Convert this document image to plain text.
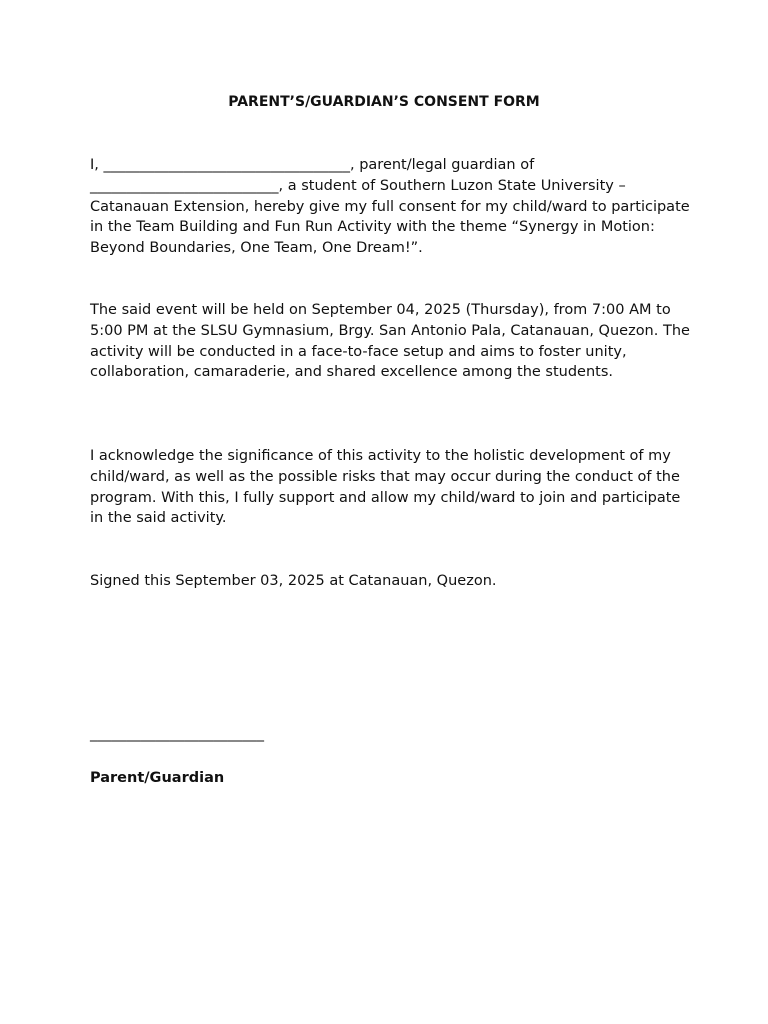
PARENT’S/GUARDIAN’S CONSENT FORM

I, __________________________________, parent/legal guardian of
__________________________, a student of Southern Luzon State University – Catanauan Extension, hereby give my full consent for my child/ward to participate in the Team Building and Fun Run Activity with the theme “Synergy in Motion: Beyond Boundaries, One Team, One Dream!”.

The said event will be held on September 04, 2025 (Thursday), from 7:00 AM to 5:00 PM at the SLSU Gymnasium, Brgy. San Antonio Pala, Catanauan, Quezon. The activity will be conducted in a face-to-face setup and aims to foster unity, collaboration, camaraderie, and shared excellence among the students.

I acknowledge the significance of this activity to the holistic development of my child/ward, as well as the possible risks that may occur during the conduct of the program. With this, I fully support and allow my child/ward to join and participate in the said activity.

Signed this September 03, 2025 at Catanauan, Quezon.

________________________
Parent/Guardian
